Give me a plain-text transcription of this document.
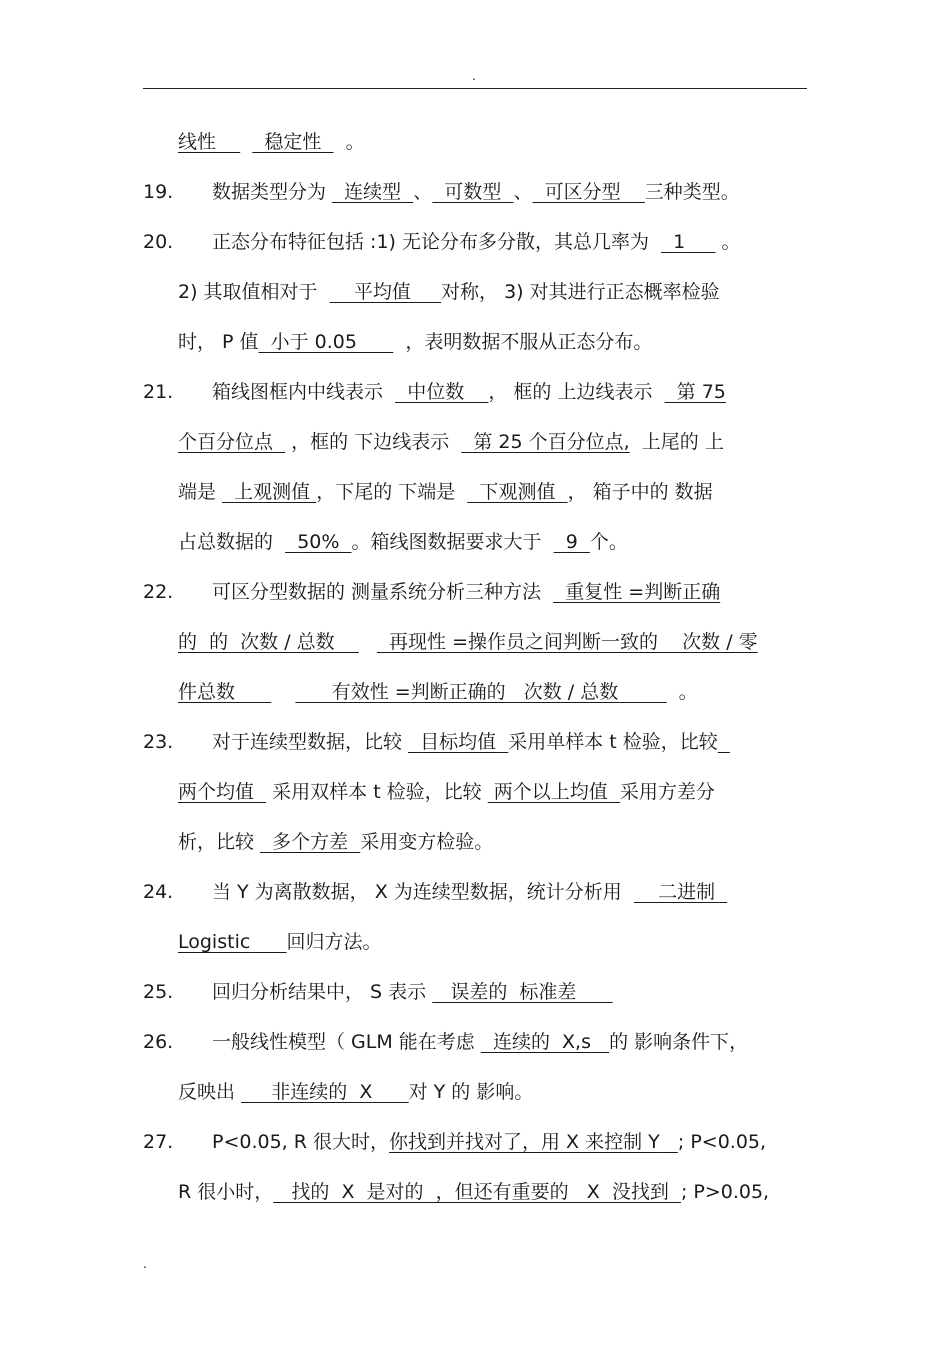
.
线性	稳定性 。
19. 数据类型分为 连续型 、 可数型 、 可区分型 三种类型。
20. 正态分布特征包括 :1) 无论分布多分散，其总几率为 1 。
2) 其取值相对于 平均值 对称， 3) 对其进行正态概率检验
时， P 值 小于 0.05	，表明数据不服从正态分布。
21. 箱线图框内中线表示 中位数 ， 框的 上边线表示 第 75
个百分位点 ，框的 下边线表示 第 25 个百分位点, 上尾的 上
端是 上观测值 ，下尾的 下端是 下观测值 ， 箱子中的 数据
占总数据的 50% 。箱线图数据要求大于 9 个。
22. 可区分型数据的 测量系统分析三种方法 重复性 =判断正确
的  的  次数 / 总数	再现性 =操作员之间判断一致的    次数 / 零
件总数	有效性 =判断正确的   次数 / 总数	。
23. 对于连续型数据，比较 目标均值 采用单样本 t 检验，比较
两个均值 采用双样本 t 检验，比较 两个以上均值 采用方差分
析，比较 多个方差 采用变方检验。
24. 当 Y 为离散数据， X 为连续型数据，统计分析用 二进制
Logistic 回归方法。
25. 回归分析结果中， S 表示 误差的  标准差
26. 一般线性模型（ GLM 能在考虑 连续的  X,s 的 影响条件下，
反映出 非连续的  X 对 Y 的 影响。
27. P<0.05, R 很大时，你找到并找对了，用 X 来控制 Y ; P<0.05,
R 很小时， 找的  X  是对的  ，但还有重要的   X  没找到 ; P>0.05,
.
